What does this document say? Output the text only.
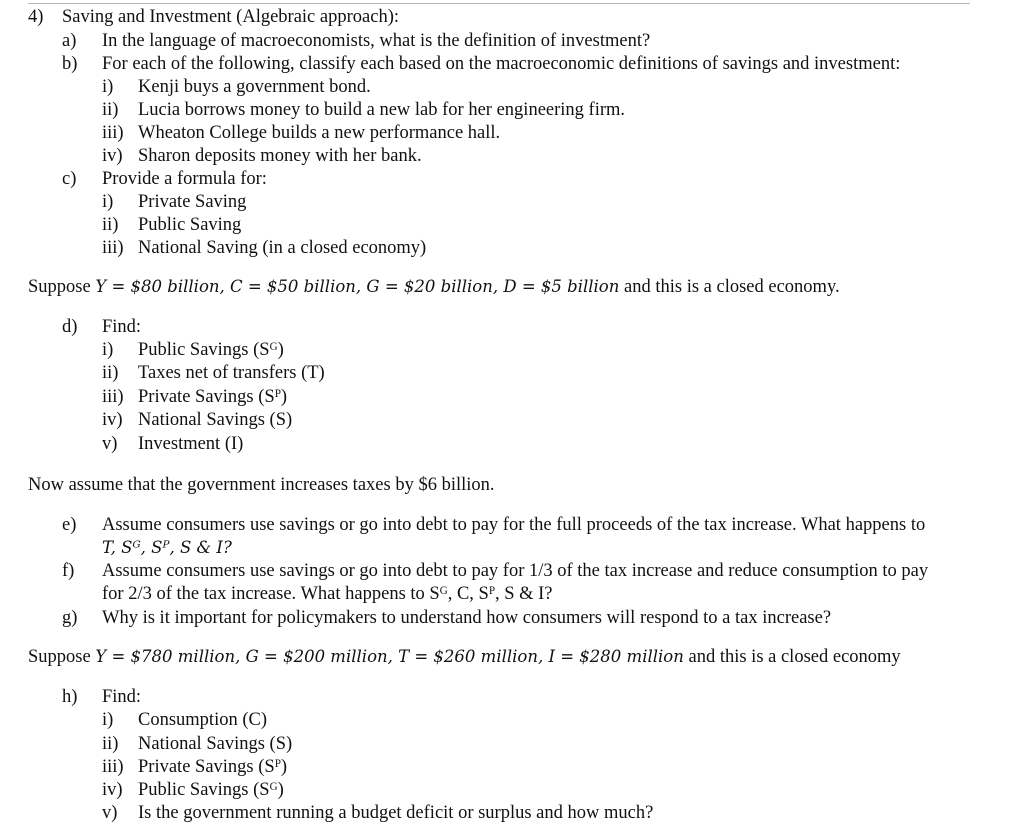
4) Saving and Investment (Algebraic approach):
a) In the language of macroeconomists, what is the definition of investment?
b) For each of the following, classify each based on the macroeconomic definitions of savings and investment:
i) Kenji buys a government bond.
ii) Lucia borrows money to build a new lab for her engineering firm.
iii) Wheaton College builds a new performance hall.
iv) Sharon deposits money with her bank.
c) Provide a formula for:
i) Private Saving
ii) Public Saving
iii) National Saving (in a closed economy)
Suppose Y = $80 billion, C = $50 billion, G = $20 billion, D = $5 billion and this is a closed economy.
d) Find:
i) Public Savings (Sᴳ)
ii) Taxes net of transfers (T)
iii) Private Savings (Sᴾ)
iv) National Savings (S)
v) Investment (I)
Now assume that the government increases taxes by $6 billion.
e) Assume consumers use savings or go into debt to pay for the full proceeds of the tax increase. What happens to
T, Sᴳ, Sᴾ, S & I?
f) Assume consumers use savings or go into debt to pay for 1/3 of the tax increase and reduce consumption to pay
for 2/3 of the tax increase. What happens to Sᴳ, C, Sᴾ, S & I?
g) Why is it important for policymakers to understand how consumers will respond to a tax increase?
Suppose Y = $780 million, G = $200 million, T = $260 million, I = $280 million and this is a closed economy
h) Find:
i) Consumption (C)
ii) National Savings (S)
iii) Private Savings (Sᴾ)
iv) Public Savings (Sᴳ)
v) Is the government running a budget deficit or surplus and how much?
